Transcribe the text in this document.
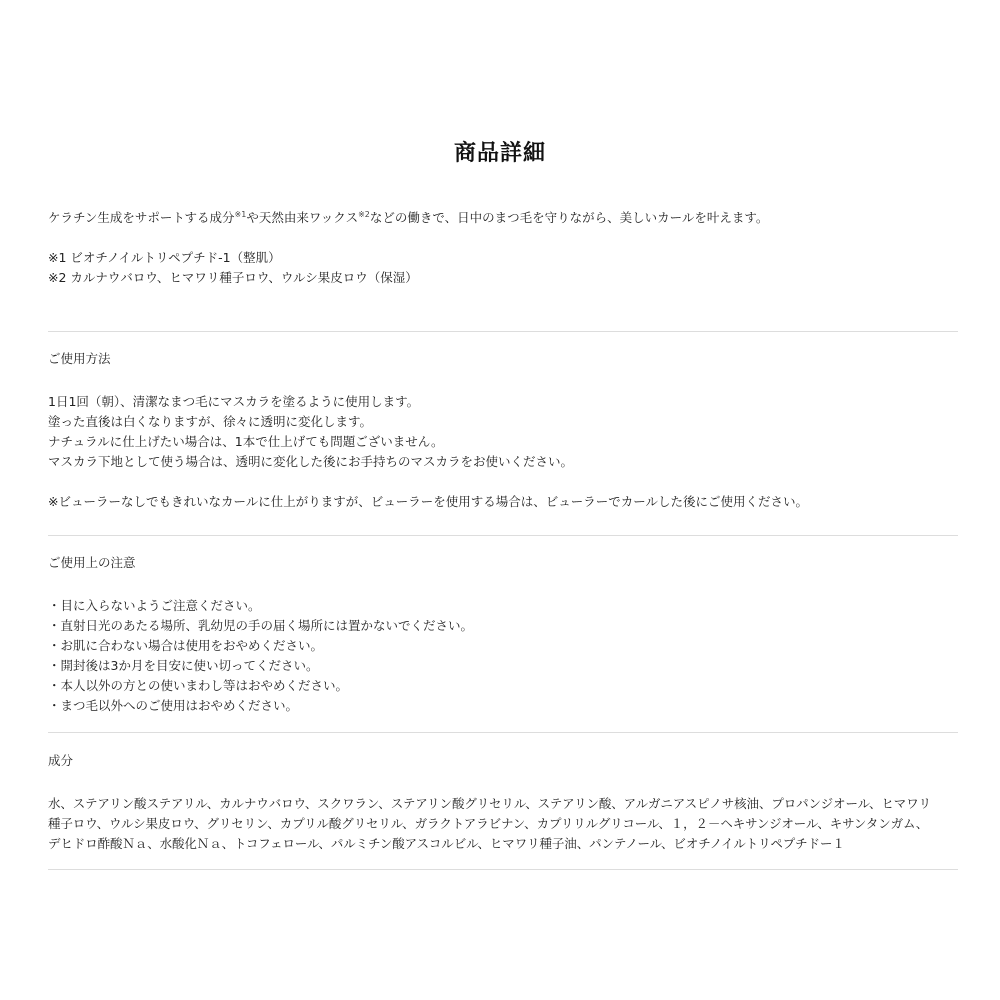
商品詳細

ケラチン生成をサポートする成分$^{※1}$や天然由来ワックス$^{※2}$などの働きで、日中のまつ毛を守りながら、美しいカールを叶えます。

※1 ビオチノイルトリペプチド-1（整肌）

※2 カルナウバロウ、ヒマワリ種子ロウ、ウルシ果皮ロウ（保湿）

ご使用方法

1日1回（朝）、清潔なまつ毛にマスカラを塗るように使用します。

塗った直後は白くなりますが、徐々に透明に変化します。

ナチュラルに仕上げたい場合は、1本で仕上げても問題ございません。

マスカラ下地として使う場合は、透明に変化した後にお手持ちのマスカラをお使いください。

※ビューラーなしでもきれいなカールに仕上がりますが、ビューラーを使用する場合は、ビューラーでカールした後にご使用ください。

ご使用上の注意

・目に入らないようご注意ください。

・直射日光のあたる場所、乳幼児の手の届く場所には置かないでください。

・お肌に合わない場合は使用をおやめください。

・開封後は3か月を目安に使い切ってください。

・本人以外の方との使いまわし等はおやめください。

・まつ毛以外へのご使用はおやめください。

成分

水、ステアリン酸ステアリル、カルナウバロウ、スクワラン、ステアリン酸グリセリル、ステアリン酸、アルガニアスピノサ核油、プロパンジオール、ヒマワリ

種子ロウ、ウルシ果皮ロウ、グリセリン、カプリル酸グリセリル、ガラクトアラビナン、カプリリルグリコール、１，２－ヘキサンジオール、キサンタンガム、

デヒドロ酢酸Ｎａ、水酸化Ｎａ、トコフェロール、パルミチン酸アスコルビル、ヒマワリ種子油、パンテノール、ビオチノイルトリペプチドー１
